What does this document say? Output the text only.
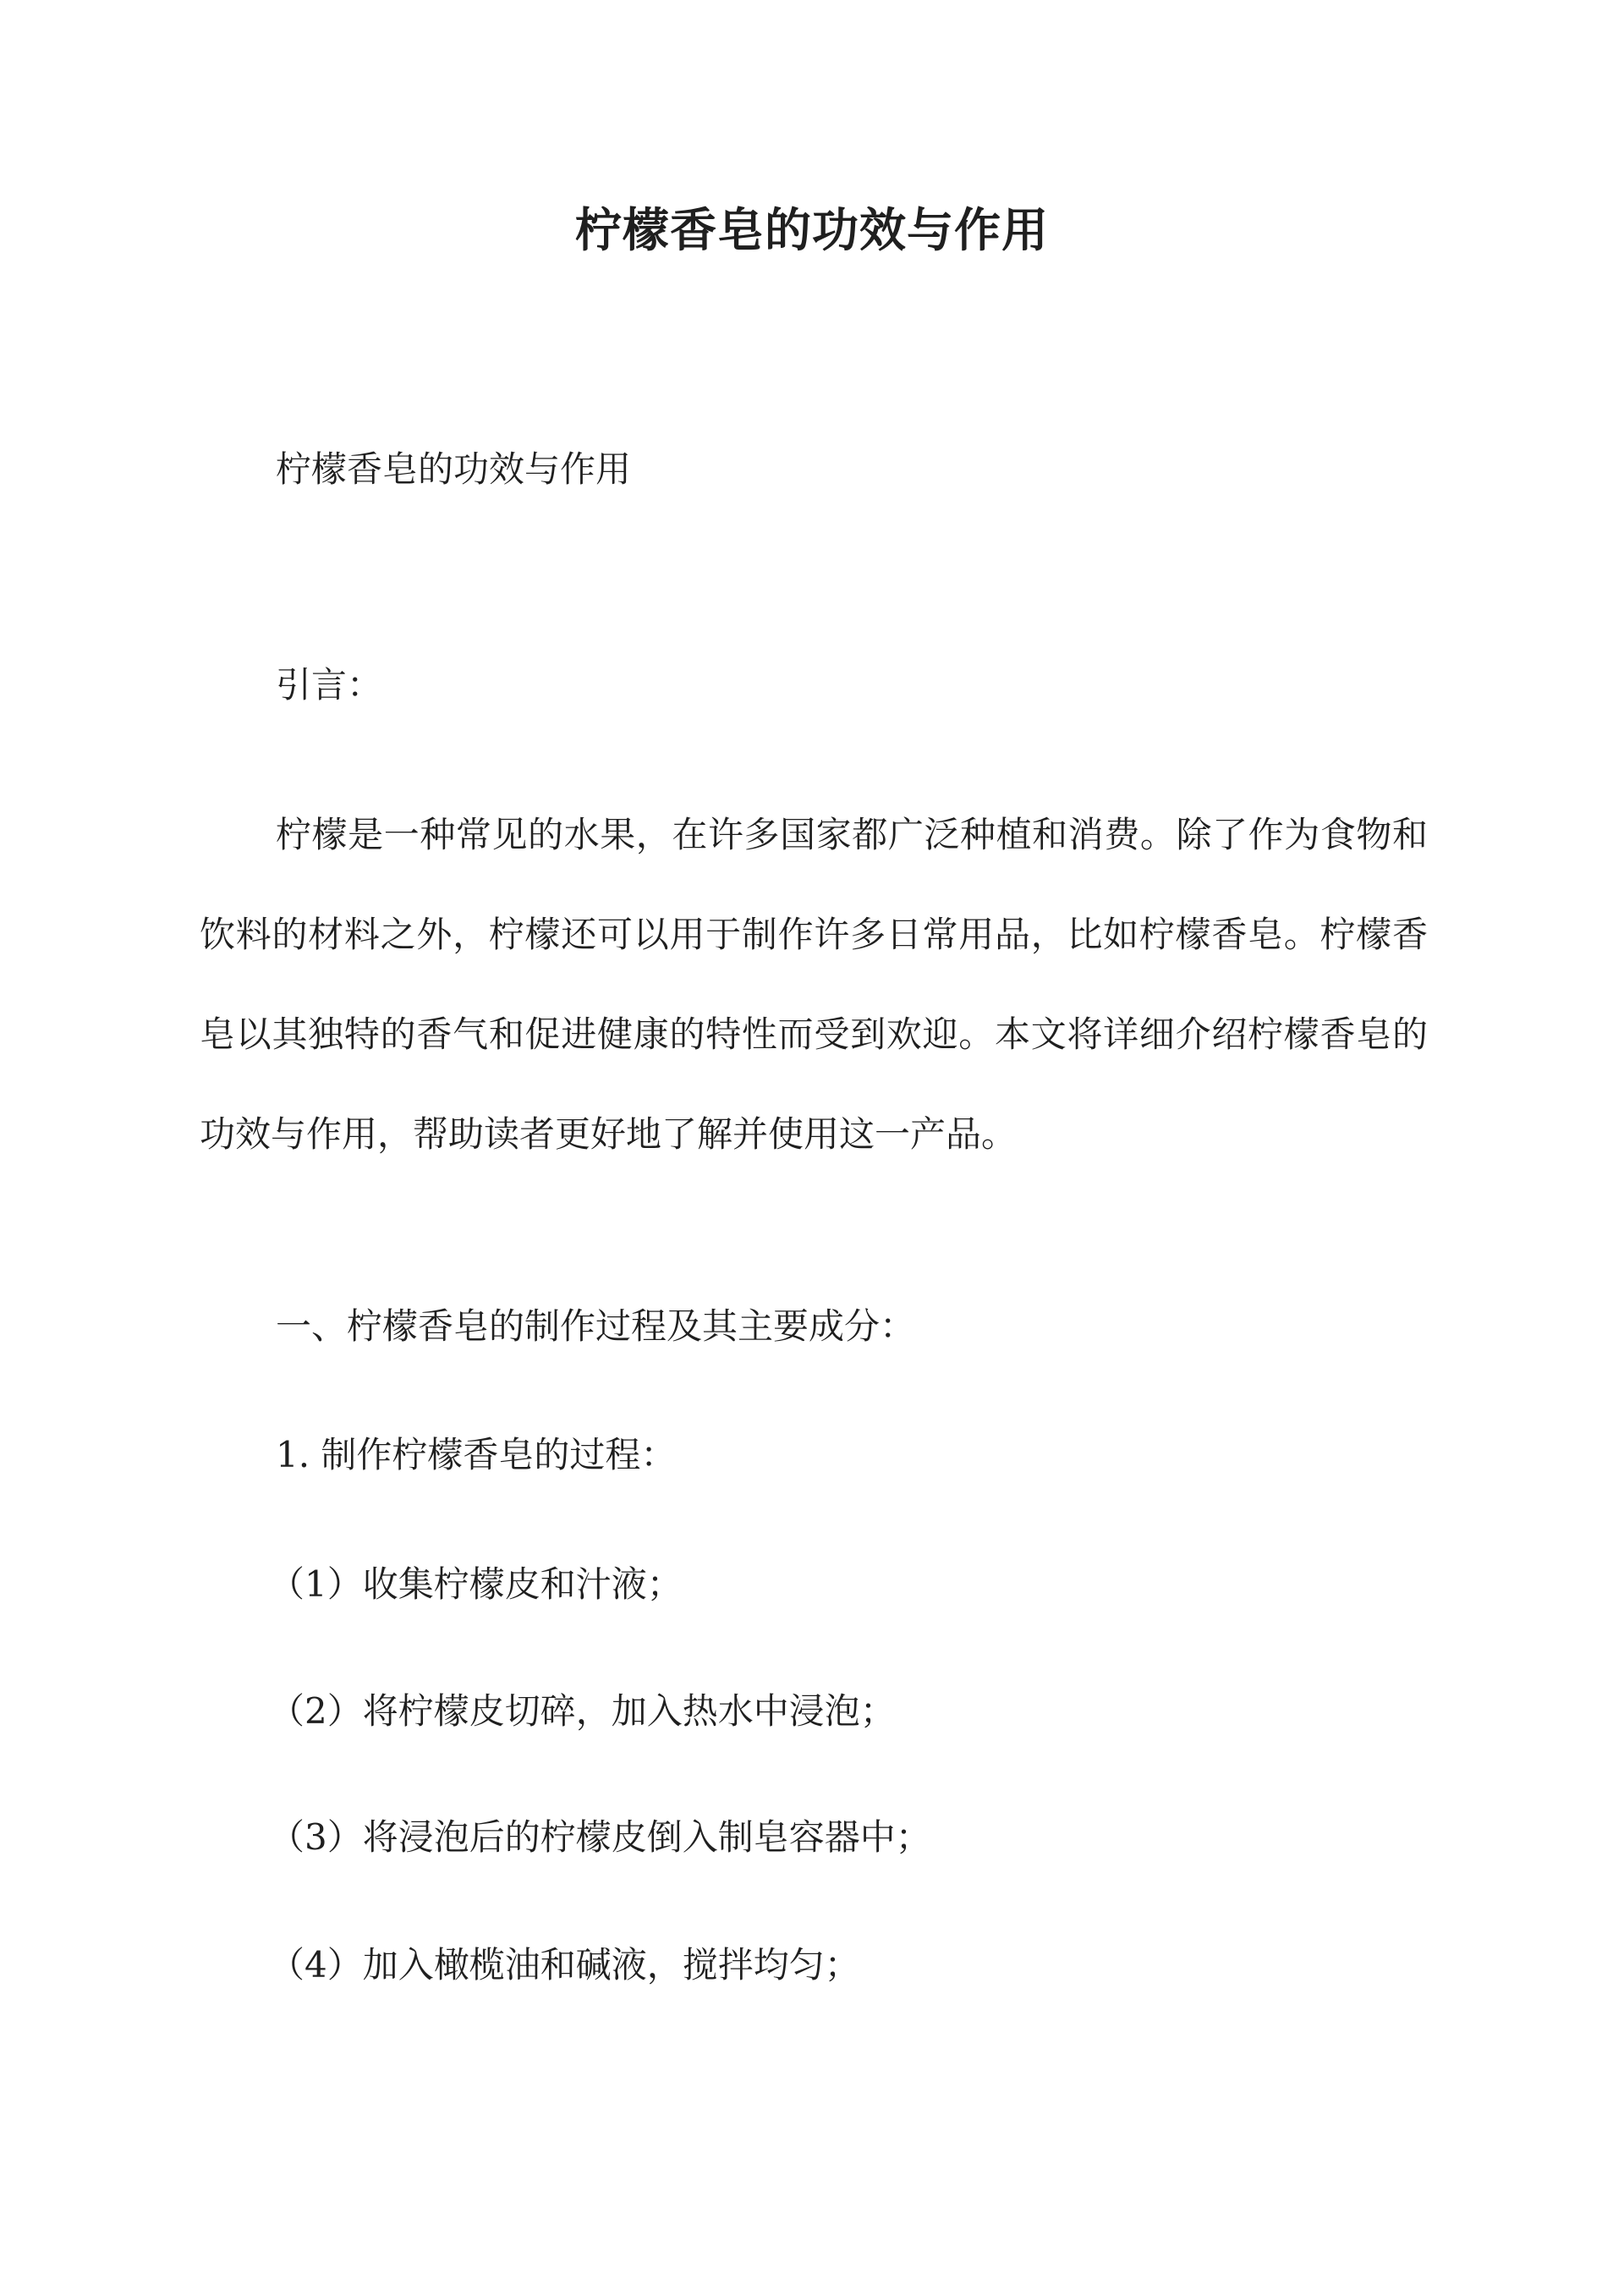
柠檬香皂的功效与作用

柠檬香皂的功效与作用

引言：

柠檬是一种常见的水果，在许多国家都广泛种植和消费。除了作为食物和饮料的材料之外，柠檬还可以用于制作许多日常用品，比如柠檬香皂。柠檬香皂以其独特的香气和促进健康的特性而受到欢迎。本文将详细介绍柠檬香皂的功效与作用，帮助读者更好地了解并使用这一产品。

一、柠檬香皂的制作过程及其主要成分：

1. 制作柠檬香皂的过程：

（1）收集柠檬皮和汁液；

（2）将柠檬皮切碎，加入热水中浸泡；

（3）将浸泡后的柠檬皮倒入制皂容器中；

（4）加入橄榄油和碱液，搅拌均匀；
